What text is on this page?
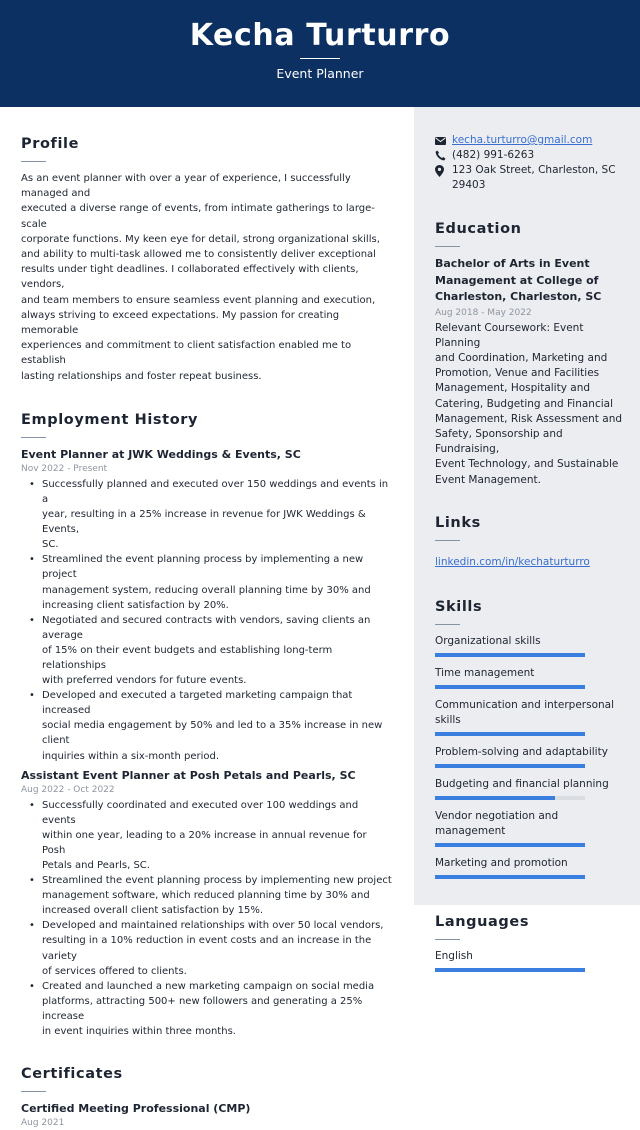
Kecha Turturro
Event Planner
Profile
As an event planner with over a year of experience, I successfully managed and
executed a diverse range of events, from intimate gatherings to large-scale
corporate functions. My keen eye for detail, strong organizational skills,
and ability to multi-task allowed me to consistently deliver exceptional
results under tight deadlines. I collaborated effectively with clients, vendors,
and team members to ensure seamless event planning and execution,
always striving to exceed expectations. My passion for creating memorable
experiences and commitment to client satisfaction enabled me to establish
lasting relationships and foster repeat business.
Employment History
Event Planner at JWK Weddings & Events, SC
Nov 2022 - Present
• Successfully planned and executed over 150 weddings and events in a
year, resulting in a 25% increase in revenue for JWK Weddings & Events,
SC.
• Streamlined the event planning process by implementing a new project
management system, reducing overall planning time by 30% and
increasing client satisfaction by 20%.
• Negotiated and secured contracts with vendors, saving clients an average
of 15% on their event budgets and establishing long-term relationships
with preferred vendors for future events.
• Developed and executed a targeted marketing campaign that increased
social media engagement by 50% and led to a 35% increase in new client
inquiries within a six-month period.
Assistant Event Planner at Posh Petals and Pearls, SC
Aug 2022 - Oct 2022
• Successfully coordinated and executed over 100 weddings and events
within one year, leading to a 20% increase in annual revenue for Posh
Petals and Pearls, SC.
• Streamlined the event planning process by implementing new project
management software, which reduced planning time by 30% and
increased overall client satisfaction by 15%.
• Developed and maintained relationships with over 50 local vendors,
resulting in a 10% reduction in event costs and an increase in the variety
of services offered to clients.
• Created and launched a new marketing campaign on social media
platforms, attracting 500+ new followers and generating a 25% increase
in event inquiries within three months.
Certificates
Certified Meeting Professional (CMP)
Aug 2021
kecha.turturro@gmail.com
(482) 991-6263
123 Oak Street, Charleston, SC
29403
Education
Bachelor of Arts in Event
Management at College of
Charleston, Charleston, SC
Aug 2018 - May 2022
Relevant Coursework: Event Planning
and Coordination, Marketing and
Promotion, Venue and Facilities
Management, Hospitality and
Catering, Budgeting and Financial
Management, Risk Assessment and
Safety, Sponsorship and Fundraising,
Event Technology, and Sustainable
Event Management.
Links
linkedin.com/in/kechaturturro
Skills
Organizational skills
Time management
Communication and interpersonal
skills
Problem-solving and adaptability
Budgeting and financial planning
Vendor negotiation and management
Marketing and promotion
Languages
English
